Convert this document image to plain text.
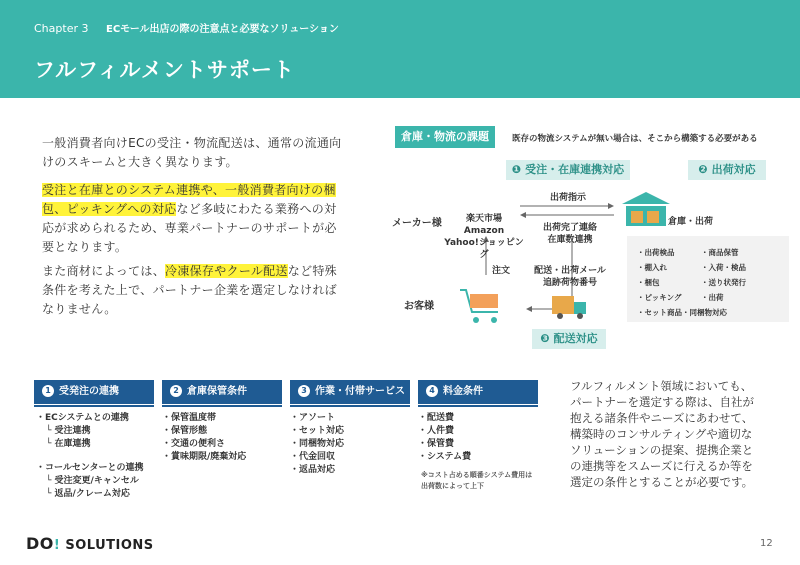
Chapter 3 ECモール出店の際の注意点と必要なソリューション
フルフィルメントサポート
一般消費者向けECの受注・物流配送は、通常の流通向けのスキームと大きく異なります。
受注と在庫とのシステム連携や、一般消費者向けの梱包、ピッキングへの対応など多岐にわたる業務への対応が求められるため、専業パートナーのサポートが必要となります。
また商材によっては、冷凍保存やクール配送など特殊条件を考えた上で、パートナー企業を選定しなければなりません。
倉庫・物流の課題	既存の物流システムが無い場合は、そこから構築する必要がある
❶ 受注・在庫連携対応	❷ 出荷対応
出荷指示
出荷完了連絡
在庫数連携
メーカー様	楽天市場
Amazon
Yahoo!ショッピング
倉庫・出荷
注文	配送・出荷メール
追跡荷物番号
お客様
・出荷検品
・棚入れ
・梱包
・ピッキング
・セット商品・同梱物対応
・商品保管
・入荷・検品
・送り状発行
・出荷
❸ 配送対応
1 受発注の連携	2 倉庫保管条件	3 作業・付帯サービス	4 料金条件
・ECシステムとの連携
└ 受注連携
└ 在庫連携
・コールセンターとの連携
└ 受注変更/キャンセル
└ 返品/クレーム対応
・保管温度帯
・保管形態
・交通の便利さ
・賞味期限/廃棄対応
・アソート
・セット対応
・同梱物対応
・代金回収
・返品対応
・配送費
・人件費
・保管費
・システム費
※コスト占める順番システム費用は
出荷数によって上下
フルフィルメント領域においても、パートナーを選定する際は、自社が抱える諸条件やニーズにあわせて、構築時のコンサルティングや適切なソリューションの提案、提携企業との連携等をスムーズに行えるか等を選定の条件とすることが必要です。
DO! SOLUTIONS	12
